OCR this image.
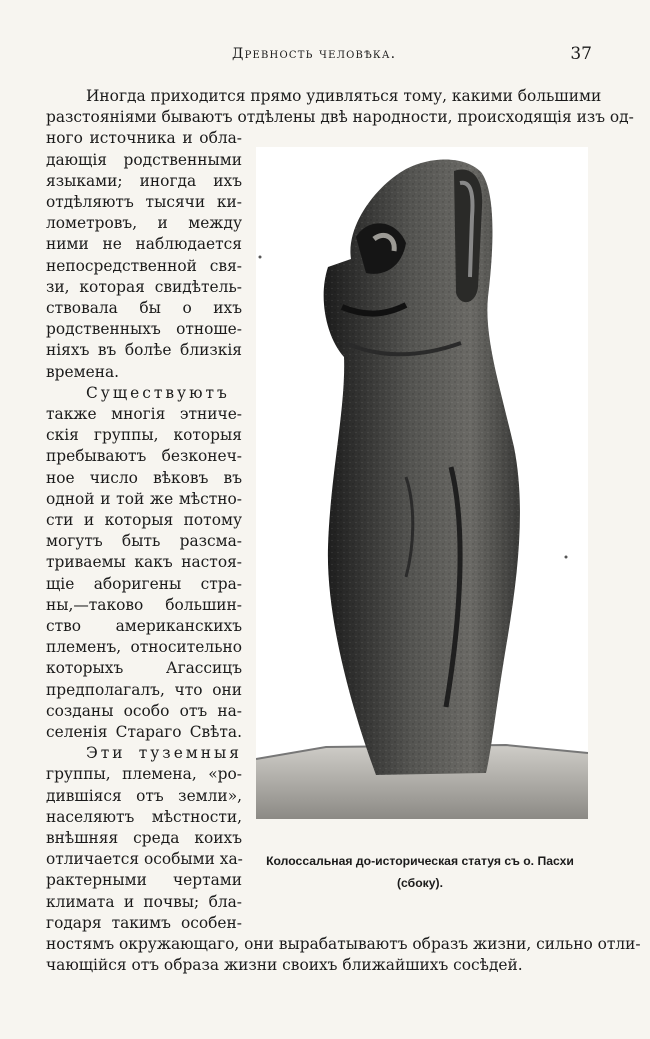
Древность человѣка.	37
Иногда приходится прямо удивляться тому, какими большими
разстояніями бываютъ отдѣлены двѣ народности, происходящія изъ од-
ного источника и обла-
дающія родственными
языками; иногда ихъ
отдѣляютъ тысячи ки-
лометровъ, и между
ними не наблюдается
непосредственной свя-
зи, которая свидѣтель-
ствовала бы о ихъ
родственныхъ отноше-
ніяхъ въ болѣе близкія
времена.
Существуютъ
также многія этниче-
скія группы, которыя
пребываютъ безконеч-
ное число вѣковъ въ
одной и той же мѣстно-
сти и которыя потому
могутъ быть разсма-
триваемы какъ настоя-
щіе аборигены стра-
ны,—таково большин-
ство американскихъ
племенъ, относительно
которыхъ Агассицъ
предполагалъ, что они
созданы особо отъ на-
селенія Стараго Свѣта.
Эти туземныя
группы, племена, «ро-
дившіяся отъ земли»,
населяютъ мѣстности,
внѣшняя среда коихъ
отличается особыми ха-
рактерными чертами
климата и почвы; бла-
годаря такимъ особен-
ностямъ окружающаго, они вырабатываютъ образъ жизни, сильно отли-
чающійся отъ образа жизни своихъ ближайшихъ сосѣдей.
Колоссальная до-историческая статуя съ о. Пасхи
(сбоку).
